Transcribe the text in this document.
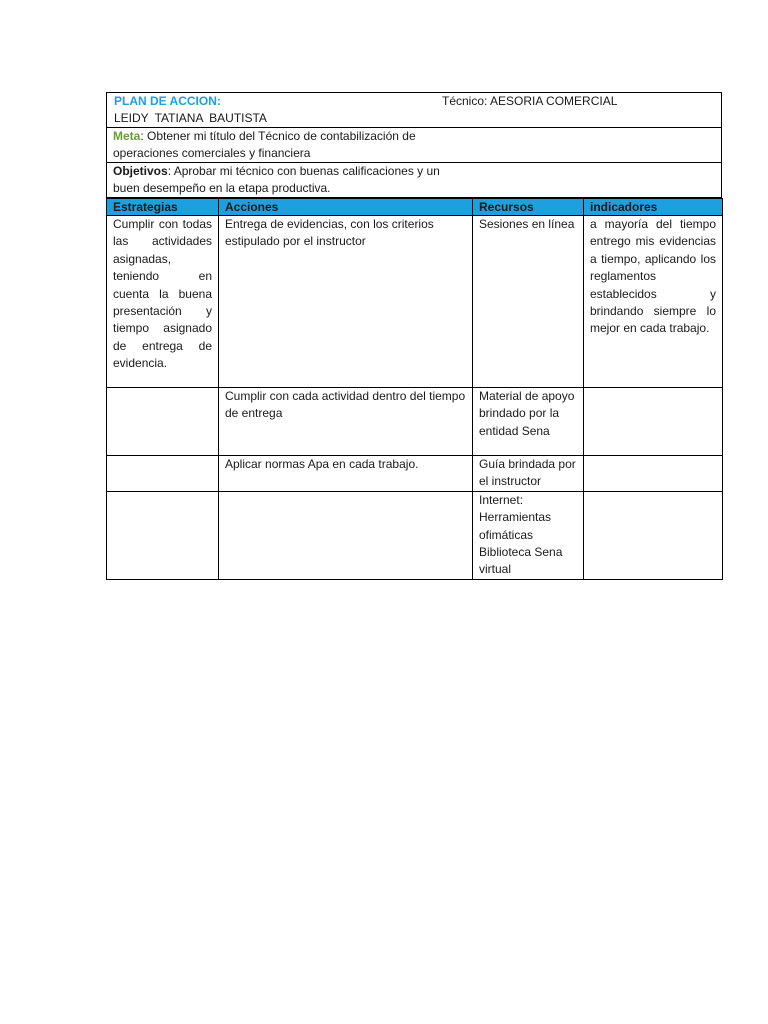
PLAN DE ACCION:	Técnico: AESORIA COMERCIAL
LEIDY TATIANA BAUTISTA
Meta: Obtener mi título del Técnico de contabilización de operaciones comerciales y financiera
Objetivos: Aprobar mi técnico con buenas calificaciones y un buen desempeño en la etapa productiva.
Estrategias	Acciones	Recursos	indicadores
Cumplir con todas las actividades asignadas, teniendo en cuenta la buena presentación y tiempo asignado de entrega de evidencia.	Entrega de evidencias, con los criterios estipulado por el instructor	Sesiones en línea	a mayoría del tiempo entrego mis evidencias a tiempo, aplicando los reglamentos establecidos y brindando siempre lo mejor en cada trabajo.
	Cumplir con cada actividad dentro del tiempo de entrega	Material de apoyo brindado por la entidad Sena	
	Aplicar normas Apa en cada trabajo.	Guía brindada por el instructor	
		Internet: Herramientas ofimáticas Biblioteca Sena virtual	
